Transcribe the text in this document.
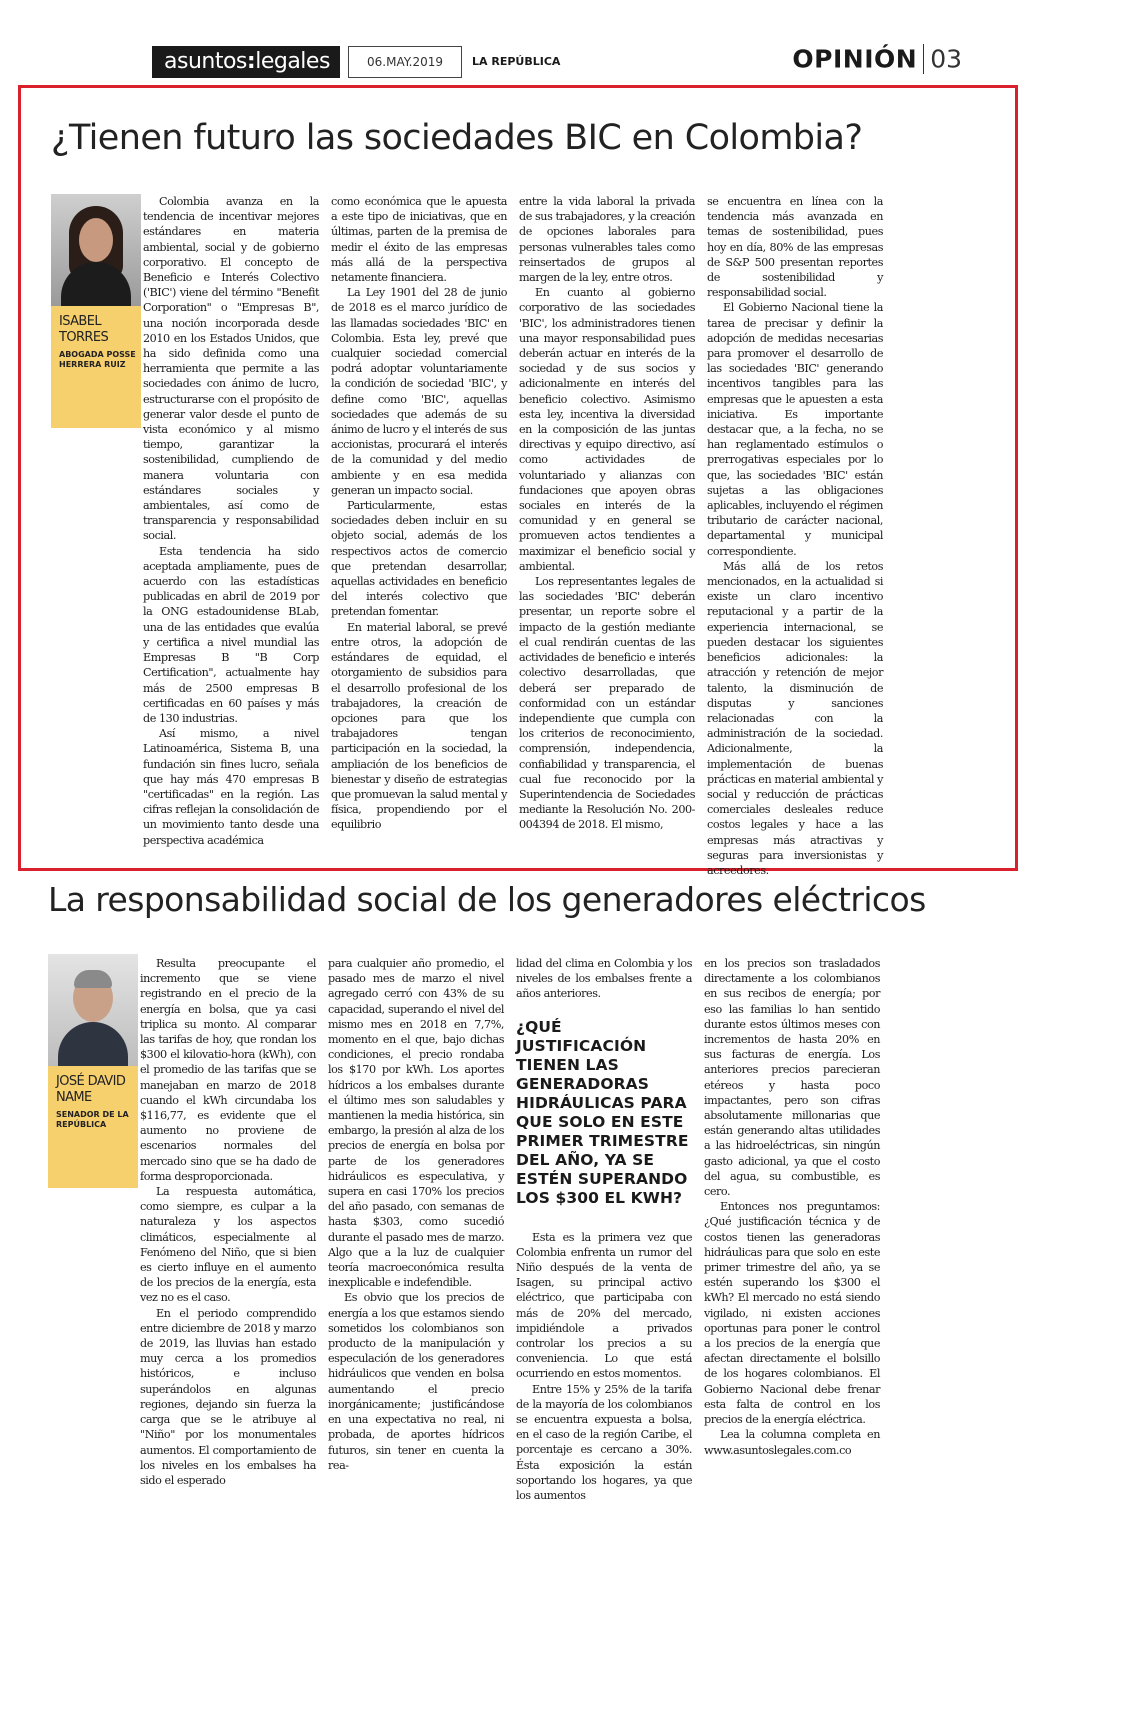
asuntos:legales	06.MAY.2019	LA REPÚBLICA	OPINIÓN 03
¿Tienen futuro las sociedades BIC en Colombia?
ISABEL TORRES
ABOGADA POSSE HERRERA RUIZ

Colombia avanza en la tendencia de incentivar mejores estándares en materia ambiental, social y de gobierno corporativo. El concepto de Beneficio e Interés Colectivo ('BIC') viene del término "Benefit Corporation" o "Empresas B", una noción incorporada desde 2010 en los Estados Unidos, que ha sido definida como una herramienta que permite a las sociedades con ánimo de lucro, estructurarse con el propósito de generar valor desde el punto de vista económico y al mismo tiempo, garantizar la sostenibilidad, cumpliendo de manera voluntaria con estándares sociales y ambientales, así como de transparencia y responsabilidad social.

Esta tendencia ha sido aceptada ampliamente, pues de acuerdo con las estadísticas publicadas en abril de 2019 por la ONG estadounidense BLab, una de las entidades que evalúa y certifica a nivel mundial las Empresas B "B Corp Certification", actualmente hay más de 2500 empresas B certificadas en 60 países y más de 130 industrias.

Así mismo, a nivel Latinoamérica, Sistema B, una fundación sin fines lucro, señala que hay más 470 empresas B "certificadas" en la región. Las cifras reflejan la consolidación de un movimiento tanto desde una perspectiva académica

como económica que le apuesta a este tipo de iniciativas, que en últimas, parten de la premisa de medir el éxito de las empresas más allá de la perspectiva netamente financiera.

La Ley 1901 del 28 de junio de 2018 es el marco jurídico de las llamadas sociedades 'BIC' en Colombia. Esta ley, prevé que cualquier sociedad comercial podrá adoptar voluntariamente la condición de sociedad 'BIC', y define como 'BIC', aquellas sociedades que además de su ánimo de lucro y el interés de sus accionistas, procurará el interés de la comunidad y del medio ambiente y en esa medida generan un impacto social.

Particularmente, estas sociedades deben incluir en su objeto social, además de los respectivos actos de comercio que pretendan desarrollar, aquellas actividades en beneficio del interés colectivo que pretendan fomentar.

En material laboral, se prevé entre otros, la adopción de estándares de equidad, el otorgamiento de subsidios para el desarrollo profesional de los trabajadores, la creación de opciones para que los trabajadores tengan participación en la sociedad, la ampliación de los beneficios de bienestar y diseño de estrategias que promuevan la salud mental y física, propendiendo por el equilibrio

entre la vida laboral la privada de sus trabajadores, y la creación de opciones laborales para personas vulnerables tales como reinsertados de grupos al margen de la ley, entre otros.

En cuanto al gobierno corporativo de las sociedades 'BIC', los administradores tienen una mayor responsabilidad pues deberán actuar en interés de la sociedad y de sus socios y adicionalmente en interés del beneficio colectivo. Asimismo esta ley, incentiva la diversidad en la composición de las juntas directivas y equipo directivo, así como actividades de voluntariado y alianzas con fundaciones que apoyen obras sociales en interés de la comunidad y en general se promueven actos tendientes a maximizar el beneficio social y ambiental.

Los representantes legales de las sociedades 'BIC' deberán presentar, un reporte sobre el impacto de la gestión mediante el cual rendirán cuentas de las actividades de beneficio e interés colectivo desarrolladas, que deberá ser preparado de conformidad con un estándar independiente que cumpla con los criterios de reconocimiento, comprensión, independencia, confiabilidad y transparencia, el cual fue reconocido por la Superintendencia de Sociedades mediante la Resolución No. 200-004394 de 2018. El mismo,

se encuentra en línea con la tendencia más avanzada en temas de sostenibilidad, pues hoy en día, 80% de las empresas de S&P 500 presentan reportes de sostenibilidad y responsabilidad social.

El Gobierno Nacional tiene la tarea de precisar y definir la adopción de medidas necesarias para promover el desarrollo de las sociedades 'BIC' generando incentivos tangibles para las empresas que le apuesten a esta iniciativa. Es importante destacar que, a la fecha, no se han reglamentado estímulos o prerrogativas especiales por lo que, las sociedades 'BIC' están sujetas a las obligaciones aplicables, incluyendo el régimen tributario de carácter nacional, departamental y municipal correspondiente.

Más allá de los retos mencionados, en la actualidad si existe un claro incentivo reputacional y a partir de la experiencia internacional, se pueden destacar los siguientes beneficios adicionales: la atracción y retención de mejor talento, la disminución de disputas y sanciones relacionadas con la administración de la sociedad. Adicionalmente, la implementación de buenas prácticas en material ambiental y social y reducción de prácticas comerciales desleales reduce costos legales y hace a las empresas más atractivas y seguras para inversionistas y acreedores.

La responsabilidad social de los generadores eléctricos
JOSÉ DAVID NAME
SENADOR DE LA REPÚBLICA

Resulta preocupante el incremento que se viene registrando en el precio de la energía en bolsa, que ya casi triplica su monto. Al comparar las tarifas de hoy, que rondan los $300 el kilovatio-hora (kWh), con el promedio de las tarifas que se manejaban en marzo de 2018 cuando el kWh circundaba los $116,77, es evidente que el aumento no proviene de escenarios normales del mercado sino que se ha dado de forma desproporcionada.

La respuesta automática, como siempre, es culpar a la naturaleza y los aspectos climáticos, especialmente al Fenómeno del Niño, que si bien es cierto influye en el aumento de los precios de la energía, esta vez no es el caso.

En el periodo comprendido entre diciembre de 2018 y marzo de 2019, las lluvias han estado muy cerca a los promedios históricos, e incluso superándolos en algunas regiones, dejando sin fuerza la carga que se le atribuye al "Niño" por los monumentales aumentos. El comportamiento de los niveles en los embalses ha sido el esperado

para cualquier año promedio, el pasado mes de marzo el nivel agregado cerró con 43% de su capacidad, superando el nivel del mismo mes en 2018 en 7,7%, momento en el que, bajo dichas condiciones, el precio rondaba los $170 por kWh. Los aportes hídricos a los embalses durante el último mes son saludables y mantienen la media histórica, sin embargo, la presión al alza de los precios de energía en bolsa por parte de los generadores hidráulicos es especulativa, y supera en casi 170% los precios del año pasado, con semanas de hasta $303, como sucedió durante el pasado mes de marzo. Algo que a la luz de cualquier teoría macroeconómica resulta inexplicable e indefendible.

Es obvio que los precios de energía a los que estamos siendo sometidos los colombianos son producto de la manipulación y especulación de los generadores hidráulicos que venden en bolsa aumentando el precio inorgánicamente; justificándose en una expectativa no real, ni probada, de aportes hídricos futuros, sin tener en cuenta la rea-

lidad del clima en Colombia y los niveles de los embalses frente a años anteriores.

¿QUÉ JUSTIFICACIÓN TIENEN LAS GENERADORAS HIDRÁULICAS PARA QUE SOLO EN ESTE PRIMER TRIMESTRE DEL AÑO, YA SE ESTÉN SUPERANDO LOS $300 EL KWH?

Esta es la primera vez que Colombia enfrenta un rumor del Niño después de la venta de Isagen, su principal activo eléctrico, que participaba con más de 20% del mercado, impidiéndole a privados controlar los precios a su conveniencia. Lo que está ocurriendo en estos momentos.

Entre 15% y 25% de la tarifa de la mayoría de los colombianos se encuentra expuesta a bolsa, en el caso de la región Caribe, el porcentaje es cercano a 30%. Ésta exposición la están soportando los hogares, ya que los aumentos

en los precios son trasladados directamente a los colombianos en sus recibos de energía; por eso las familias lo han sentido durante estos últimos meses con incrementos de hasta 20% en sus facturas de energía. Los anteriores precios parecieran etéreos y hasta poco impactantes, pero son cifras absolutamente millonarias que están generando altas utilidades a las hidroeléctricas, sin ningún gasto adicional, ya que el costo del agua, su combustible, es cero.

Entonces nos preguntamos: ¿Qué justificación técnica y de costos tienen las generadoras hidráulicas para que solo en este primer trimestre del año, ya se estén superando los $300 el kWh? El mercado no está siendo vigilado, ni existen acciones oportunas para poner le control a los precios de la energía que afectan directamente el bolsillo de los hogares colombianos. El Gobierno Nacional debe frenar esta falta de control en los precios de la energía eléctrica.

Lea la columna completa en www.asuntoslegales.com.co
